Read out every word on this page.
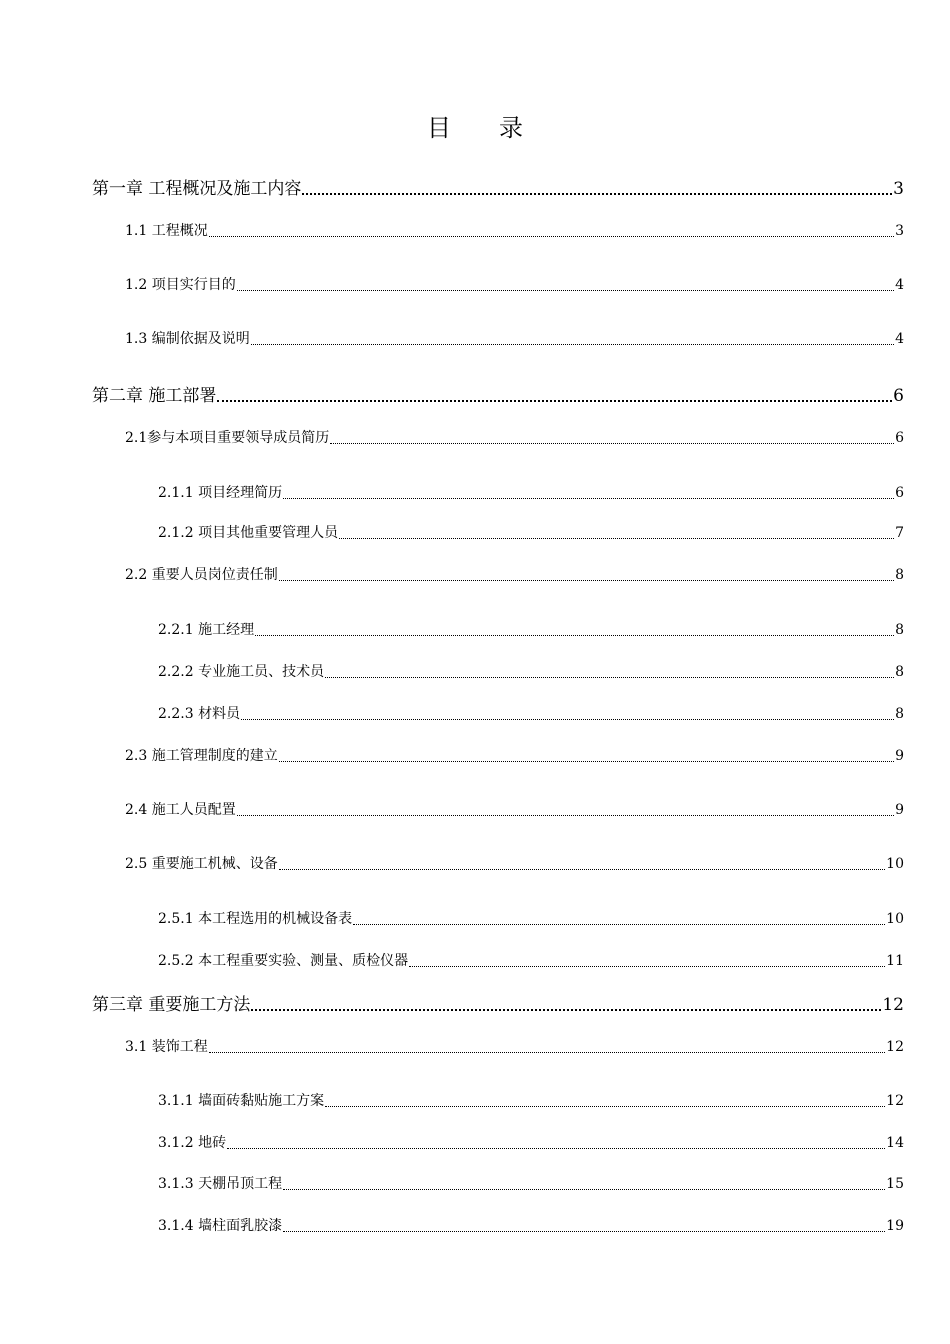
目 录
第一章 工程概况及施工内容	3
1.1 工程概况	3
1.2 项目实行目的	4
1.3 编制依据及说明	4
第二章 施工部署	6
2.1参与本项目重要领导成员简历	6
2.1.1 项目经理简历	6
2.1.2 项目其他重要管理人员	7
2.2 重要人员岗位责任制	8
2.2.1 施工经理	8
2.2.2 专业施工员、技术员	8
2.2.3 材料员	8
2.3 施工管理制度的建立	9
2.4 施工人员配置	9
2.5 重要施工机械、设备	10
2.5.1 本工程选用的机械设备表	10
2.5.2 本工程重要实验、测量、质检仪器	11
第三章 重要施工方法	12
3.1 装饰工程	12
3.1.1 墙面砖黏贴施工方案	12
3.1.2 地砖	14
3.1.3 天棚吊顶工程	15
3.1.4 墙柱面乳胶漆	19
